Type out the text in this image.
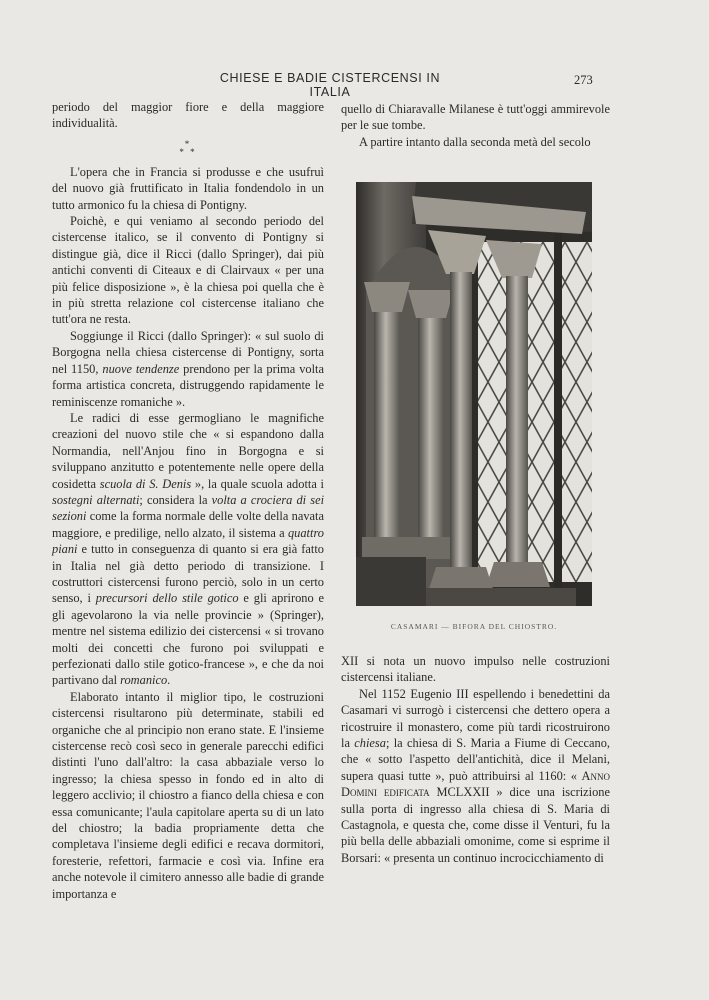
CHIESE E BADIE CISTERCENSI IN ITALIA
273

periodo del maggior fiore e della maggiore individualità.

*
* *

L'opera che in Francia si produsse e che usufruì del nuovo già fruttificato in Italia fondendolo in un tutto armonico fu la chiesa di Pontigny.

Poichè, e qui veniamo al secondo periodo del cistercense italico, se il convento di Pontigny si distingue già, dice il Ricci (dallo Springer), dai più antichi conventi di Citeaux e di Clairvaux « per una più felice disposizione », è la chiesa poi quella che è in più stretta relazione col cistercense italiano che tutt'ora ne resta.

Soggiunge il Ricci (dallo Springer): « sul suolo di Borgogna nella chiesa cistercense di Pontigny, sorta nel 1150, nuove tendenze prendono per la prima volta forma artistica concreta, distruggendo rapidamente le reminiscenze romaniche ».

Le radici di esse germogliano le magnifiche creazioni del nuovo stile che « si espandono dalla Normandia, nell'Anjou fino in Borgogna e si sviluppano anzitutto e potentemente nelle opere della cosidetta scuola di S. Denis », la quale scuola adotta i sostegni alternati; considera la volta a crociera di sei sezioni come la forma normale delle volte della navata maggiore, e predilige, nello alzato, il sistema a quattro piani e tutto in conseguenza di quanto si era già fatto in Italia nel già detto periodo di transizione. I costruttori cistercensi furono perciò, solo in un certo senso, i precursori dello stile gotico e gli aprirono e gli agevolarono la via nelle provincie » (Springer), mentre nel sistema edilizio dei cistercensi « si trovano molti dei concetti che furono poi sviluppati e perfezionati dallo stile gotico-francese », e che da noi partivano dal romanico.

Elaborato intanto il miglior tipo, le costruzioni cistercensi risultarono più determinate, stabili ed organiche che al principio non erano state. E l'insieme cistercense recò così seco in generale parecchi edifici distinti l'uno dall'altro: la casa abbaziale verso lo ingresso; la chiesa spesso in fondo ed in alto di leggero acclivio; il chiostro a fianco della chiesa e con essa comunicante; l'aula capitolare aperta su di un lato del chiostro; la badia propriamente detta che completava l'insieme degli edifici e recava dormitori, foresterie, refettori, farmacie e così via. Infine era anche notevole il cimitero annesso alle badie di grande importanza e

quello di Chiaravalle Milanese è tutt'oggi ammirevole per le sue tombe.

A partire intanto dalla seconda metà del secolo

CASAMARI — BIFORA DEL CHIOSTRO.

XII si nota un nuovo impulso nelle costruzioni cistercensi italiane.

Nel 1152 Eugenio III espellendo i benedettini da Casamari vi surrogò i cistercensi che dettero opera a ricostruire il monastero, come più tardi ricostruirono la chiesa; la chiesa di S. Maria a Fiume di Ceccano, che « sotto l'aspetto dell'antichità, dice il Melani, supera quasi tutte », può attribuirsi al 1160: « Anno Domini edificata MCLXXII » dice una iscrizione sulla porta di ingresso alla chiesa di S. Maria di Castagnola, e questa che, come disse il Venturi, fu la più bella delle abbaziali omonime, come si esprime il Borsari: « presenta un continuo incrocicchiamento di
